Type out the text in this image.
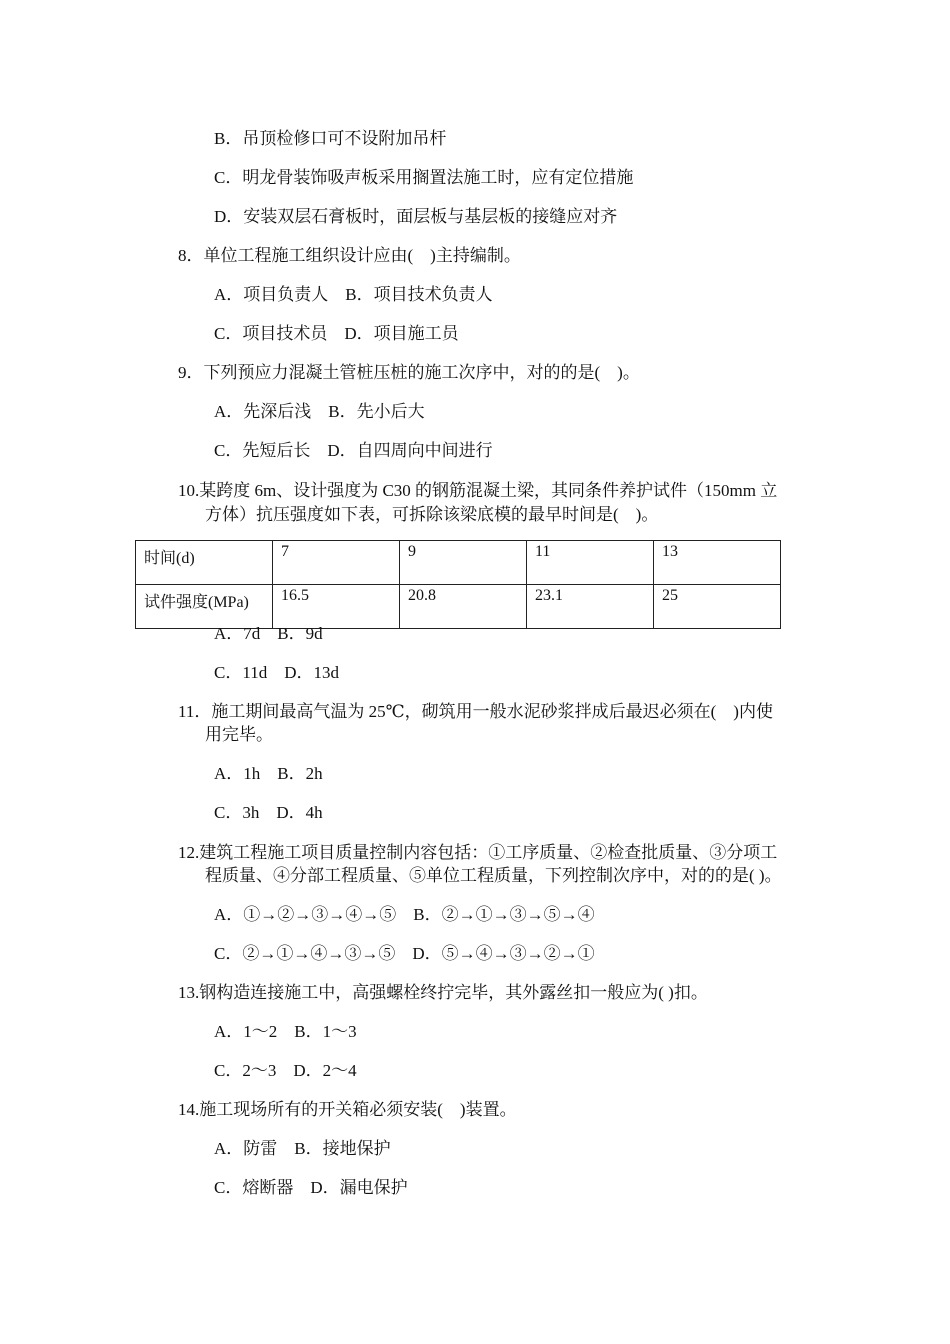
B．吊顶检修口可不设附加吊杆
C．明龙骨装饰吸声板采用搁置法施工时，应有定位措施
D．安装双层石膏板时，面层板与基层板的接缝应对齐
8．单位工程施工组织设计应由(　)主持编制。
A．项目负责人　B．项目技术负责人
C．项目技术员　D．项目施工员
9．下列预应力混凝土管桩压桩的施工次序中，对的的是(　)。
A．先深后浅　B．先小后大
C．先短后长　D．自四周向中间进行
10.某跨度 6m、设计强度为 C30 的钢筋混凝土梁，其同条件养护试件（150mm 立
方体）抗压强度如下表，可拆除该梁底模的最早时间是(　)。
时间(d)	7	9	11	13
试件强度(MPa)	16.5	20.8	23.1	25
A．7d　B．9d
C．11d　D．13d
11．施工期间最高气温为 25℃，砌筑用一般水泥砂浆拌成后最迟必须在(　)内使
用完毕。
A．1h　B．2h
C．3h　D．4h
12.建筑工程施工项目质量控制内容包括：①工序质量、②检查批质量、③分项工
程质量、④分部工程质量、⑤单位工程质量，下列控制次序中，对的的是( )。
A．①→②→③→④→⑤　B．②→①→③→⑤→④
C．②→①→④→③→⑤　D．⑤→④→③→②→①
13.钢构造连接施工中，高强螺栓终拧完毕，其外露丝扣一般应为( )扣。
A．1～2　B．1～3
C．2～3　D．2～4
14.施工现场所有的开关箱必须安装(　)装置。
A．防雷　B．接地保护
C．熔断器　D．漏电保护
